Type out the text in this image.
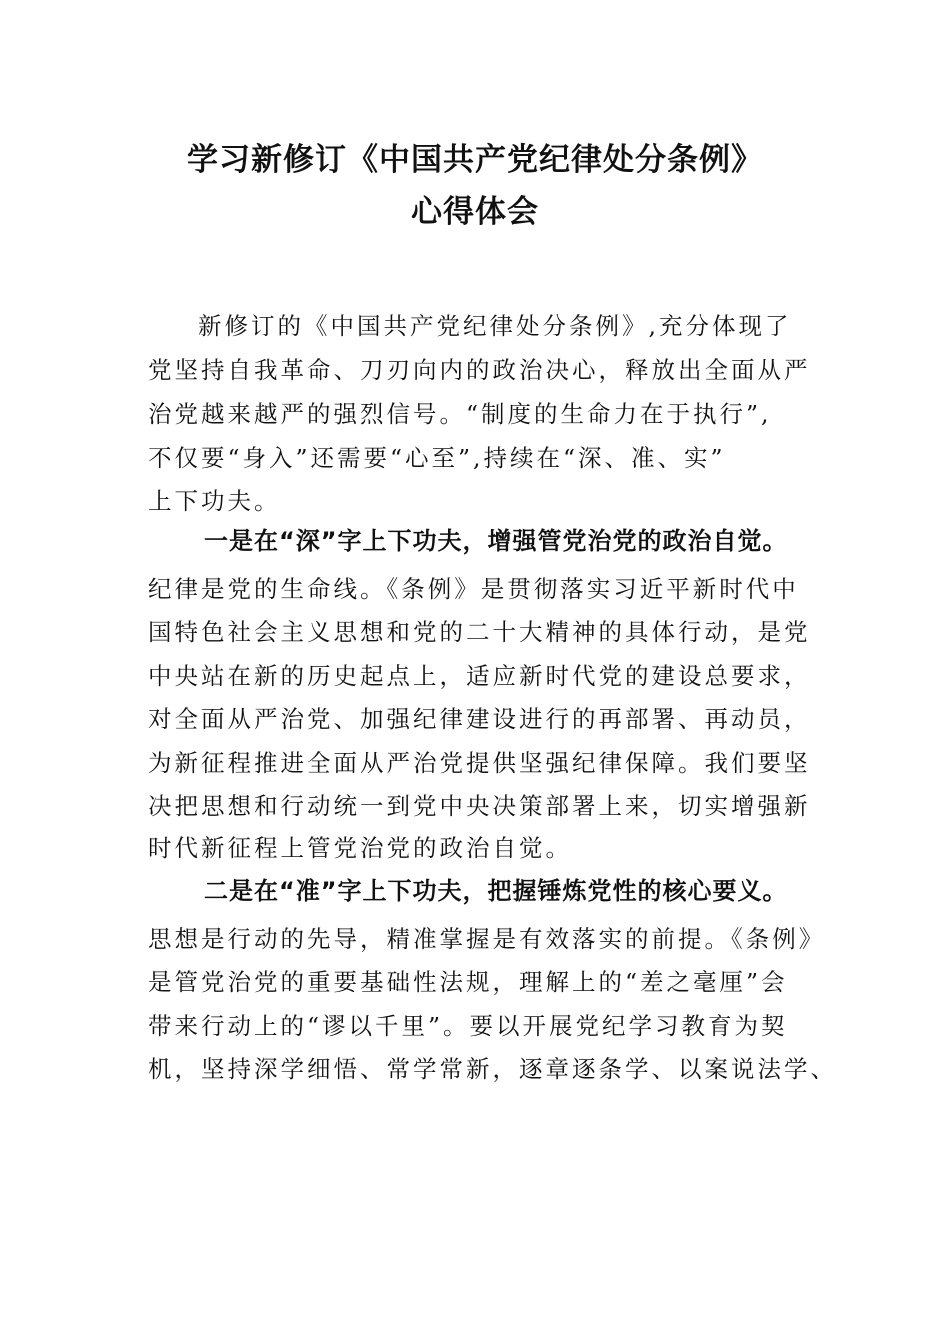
学习新修订《中国共产党纪律处分条例》
心得体会
新修订的《中国共产党纪律处分条例》,充分体现了
党坚持自我革命、刀刃向内的政治决心，释放出全面从严
治党越来越严的强烈信号。“制度的生命力在于执行”,
不仅要“身入”还需要“心至”,持续在“深、准、实”
上下功夫。
一是在“深”字上下功夫，增强管党治党的政治自觉。
纪律是党的生命线。《条例》是贯彻落实习近平新时代中
国特色社会主义思想和党的二十大精神的具体行动，是党
中央站在新的历史起点上，适应新时代党的建设总要求，
对全面从严治党、加强纪律建设进行的再部署、再动员，
为新征程推进全面从严治党提供坚强纪律保障。我们要坚
决把思想和行动统一到党中央决策部署上来，切实增强新
时代新征程上管党治党的政治自觉。
二是在“准”字上下功夫，把握锤炼党性的核心要义。
思想是行动的先导，精准掌握是有效落实的前提。《条例》
是管党治党的重要基础性法规，理解上的“差之毫厘”会
带来行动上的“谬以千里”。要以开展党纪学习教育为契
机，坚持深学细悟、常学常新，逐章逐条学、以案说法学、
